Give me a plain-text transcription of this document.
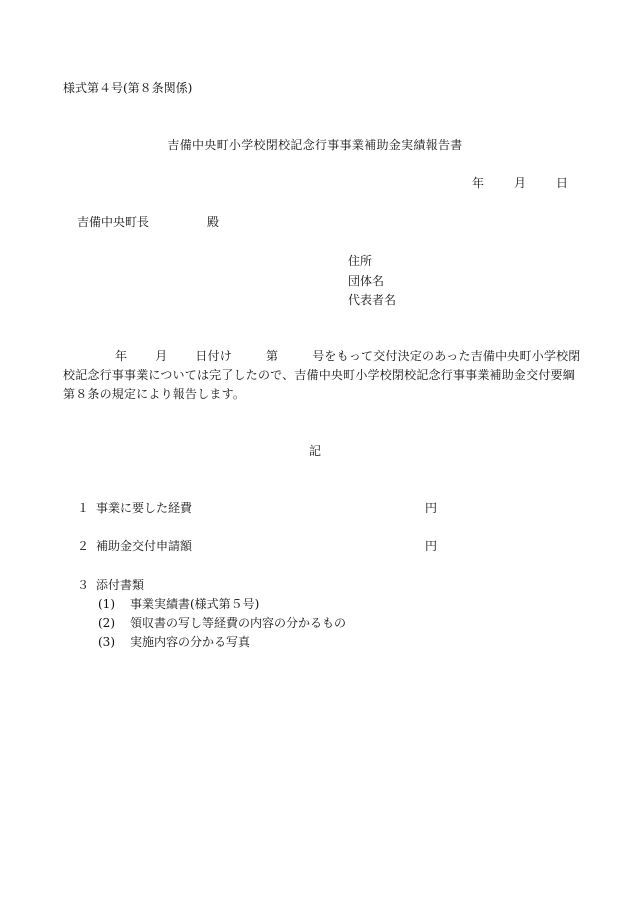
様式第４号(第８条関係)
吉備中央町小学校閉校記念行事事業補助金実績報告書
年	月	日
吉備中央町長	殿
住所
団体名
代表者名
年 月 日付け	第	号をもって交付決定のあった吉備中央町小学校閉校記念行事事業については完了したので、吉備中央町小学校閉校記念行事事業補助金交付要綱第８条の規定により報告します。
記
１ 事業に要した経費	円
２ 補助金交付申請額	円
３ 添付書類
(1) 事業実績書(様式第５号)
(2) 領収書の写し等経費の内容の分かるもの
(3) 実施内容の分かる写真
